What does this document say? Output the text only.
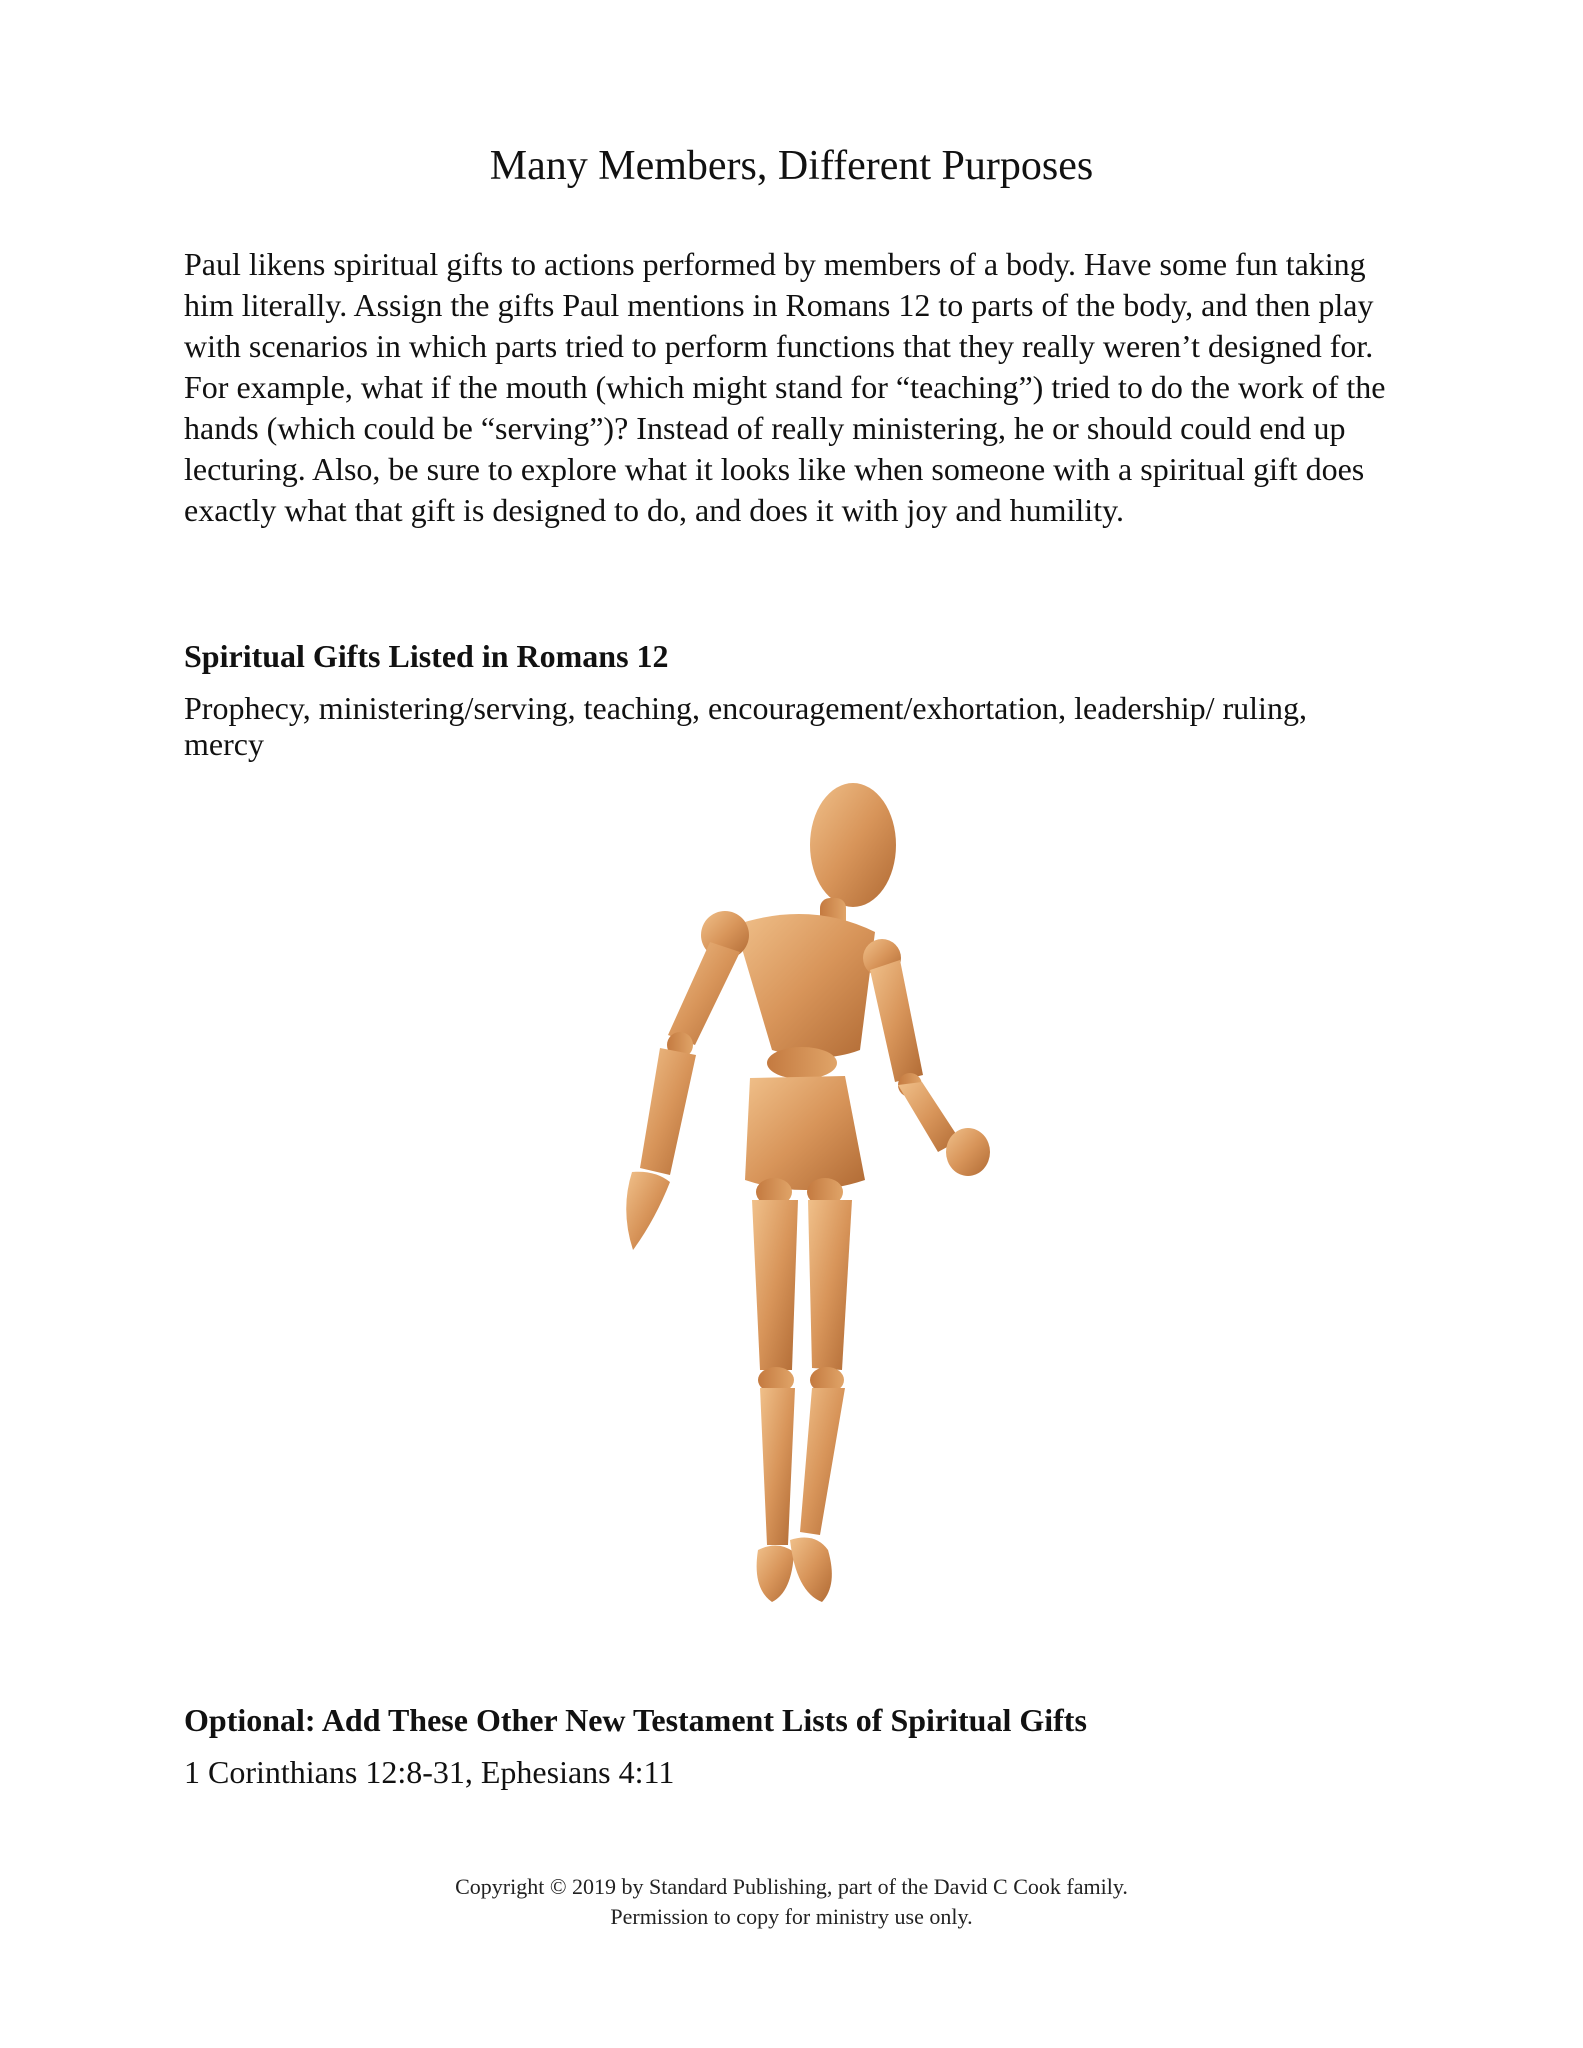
Many Members, Different Purposes

Paul likens spiritual gifts to actions performed by members of a body. Have some fun taking him literally. Assign the gifts Paul mentions in Romans 12 to parts of the body, and then play with scenarios in which parts tried to perform functions that they really weren’t designed for. For example, what if the mouth (which might stand for “teaching”) tried to do the work of the hands (which could be “serving”)? Instead of really ministering, he or should could end up lecturing. Also, be sure to explore what it looks like when someone with a spiritual gift does exactly what that gift is designed to do, and does it with joy and humility.

Spiritual Gifts Listed in Romans 12

Prophecy, ministering/serving, teaching, encouragement/exhortation, leadership/ ruling, mercy

Optional: Add These Other New Testament Lists of Spiritual Gifts

1 Corinthians 12:8-31, Ephesians 4:11

Copyright © 2019 by Standard Publishing, part of the David C Cook family.
Permission to copy for ministry use only.
